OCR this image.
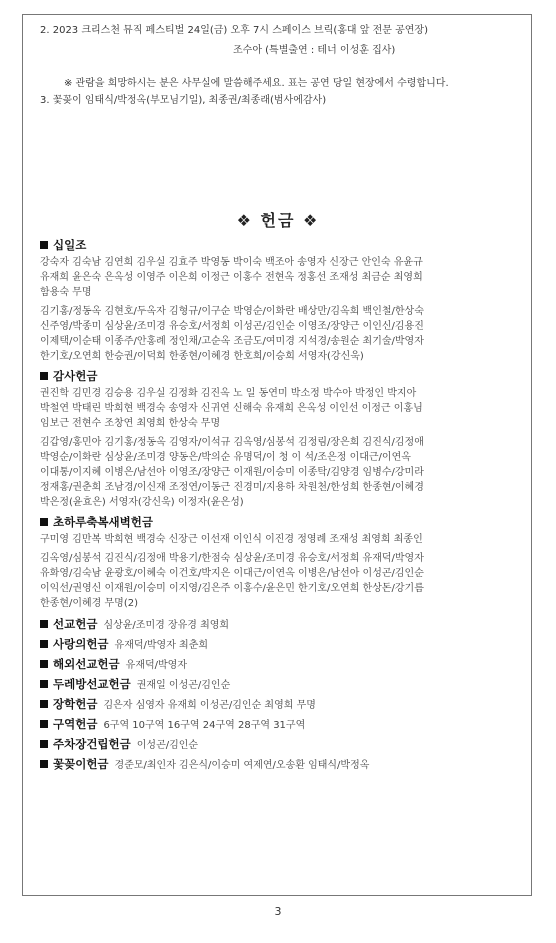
2. 2023 크리스천 뮤직 페스티벌 24일(금) 오후 7시 스페이스 브릭(홍대 앞 전문 공연장)
조수아 (특별출연 : 테너 이성훈 집사)
※ 관람을 희망하시는 분은 사무실에 말씀해주세요. 표는 공연 당일 현장에서 수령합니다.
3. 꽃꽂이 임태식/박정옥(부모님기일), 최종권/최종래(범사에감사)
❖ 헌금 ❖
십일조
강숙자 김숙남 김연희 김우실 김효주 박영동 박이숙 백조아 송영자 신장근 안인숙 유윤규
유재희 윤은숙 은옥성 이영주 이은희 이정근 이홍수 전현옥 정홍선 조재성 최금순 최영희
함용숙 무명
김기홍/정동옥 김현호/두옥자 김형규/이구순 박영순/이화란 배상만/김옥희 백인철/한상숙
신주영/박종미 심상윤/조미경 유승호/서정희 이성곤/김인순 이영조/장양근 이인신/김용진
이제택/이순태 이종주/안홍례 정인채/고순옥 조금도/여미경 지석경/송원순 최기술/박영자
한기호/오연희 한승권/이덕희 한종현/이혜경 한호희/이승희 서영자(강신욱)
감사헌금
권진학 김민경 김승용 김우실 김정화 김진옥 노 일 동연미 박소정 박수아 박정인 박지아
박철연 박태린 박희현 백경숙 송영자 신귀연 신해숙 유재희 은옥성 이인선 이정근 이홍님
임보근 전현수 조창연 최영희 한상숙 무명
김갑영/홍민아 김기홍/정동옥 김영자/이석규 김옥영/심봉석 김정림/장은희 김진식/김정애
박영순/이화란 심상윤/조미경 양동은/박의순 유명덕/이 청 이 석/조은정 이대근/이연옥
이대통/이지혜 이병은/남선아 이영조/장양근 이재원/이승미 이종탁/김양경 임병수/강미라
정재홍/권춘희 조남경/이신재 조정연/이동근 진경미/지용하 차원천/한성희 한종현/이혜경
박은정(윤효은) 서영자(강신욱) 이정자(윤은성)
초하루축복새벽헌금
구미영 김만복 박희현 백경숙 신장근 이선재 이인식 이진경 정영례 조재성 최영희 최종인
김옥영/심봉석 김진식/김정애 박용기/한점숙 심상윤/조미경 유승호/서정희 유재덕/박영자
유화영/김숙남 윤광호/이혜숙 이건호/박지은 이대근/이연옥 이병은/남선아 이성곤/김인순
이익선/권영신 이재원/이승미 이지영/김은주 이홍수/윤은민 한기호/오연희 한상돈/강기름
한종현/이혜경 무명(2)
선교헌금 심상윤/조미경 장유경 최영희
사랑의헌금 유재덕/박영자 최춘희
해외선교헌금 유재덕/박영자
두레방선교헌금 권재일 이성곤/김인순
장학헌금 김은자 심영자 유재희 이성곤/김인순 최영희 무명
구역헌금 6구역 10구역 16구역 24구역 28구역 31구역
주차장건립헌금 이성곤/김인순
꽃꽂이헌금 경준모/최인자 김은식/이승미 여제연/오송환 임태식/박정옥
3
